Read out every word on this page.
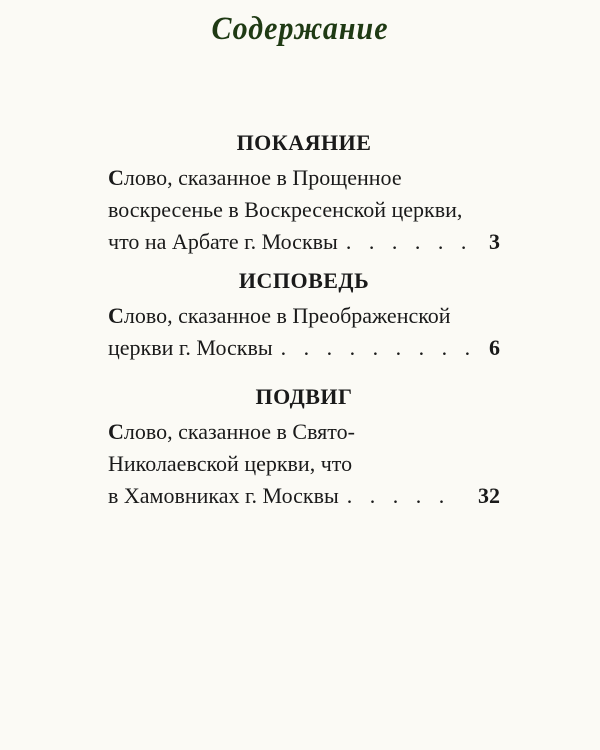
Содержание
ПОКАЯНИЕ
Слово, сказанное в Прощенное
воскресенье в Воскресенской церкви,
что на Арбате г. Москвы . . . . . . 3
ИСПОВЕДЬ
Слово, сказанное в Преображенской
церкви г. Москвы . . . . . . . . . 6
ПОДВИГ
Слово, сказанное в Свято-
Николаевской церкви, что
в Хамовниках г. Москвы . . . . .	32
